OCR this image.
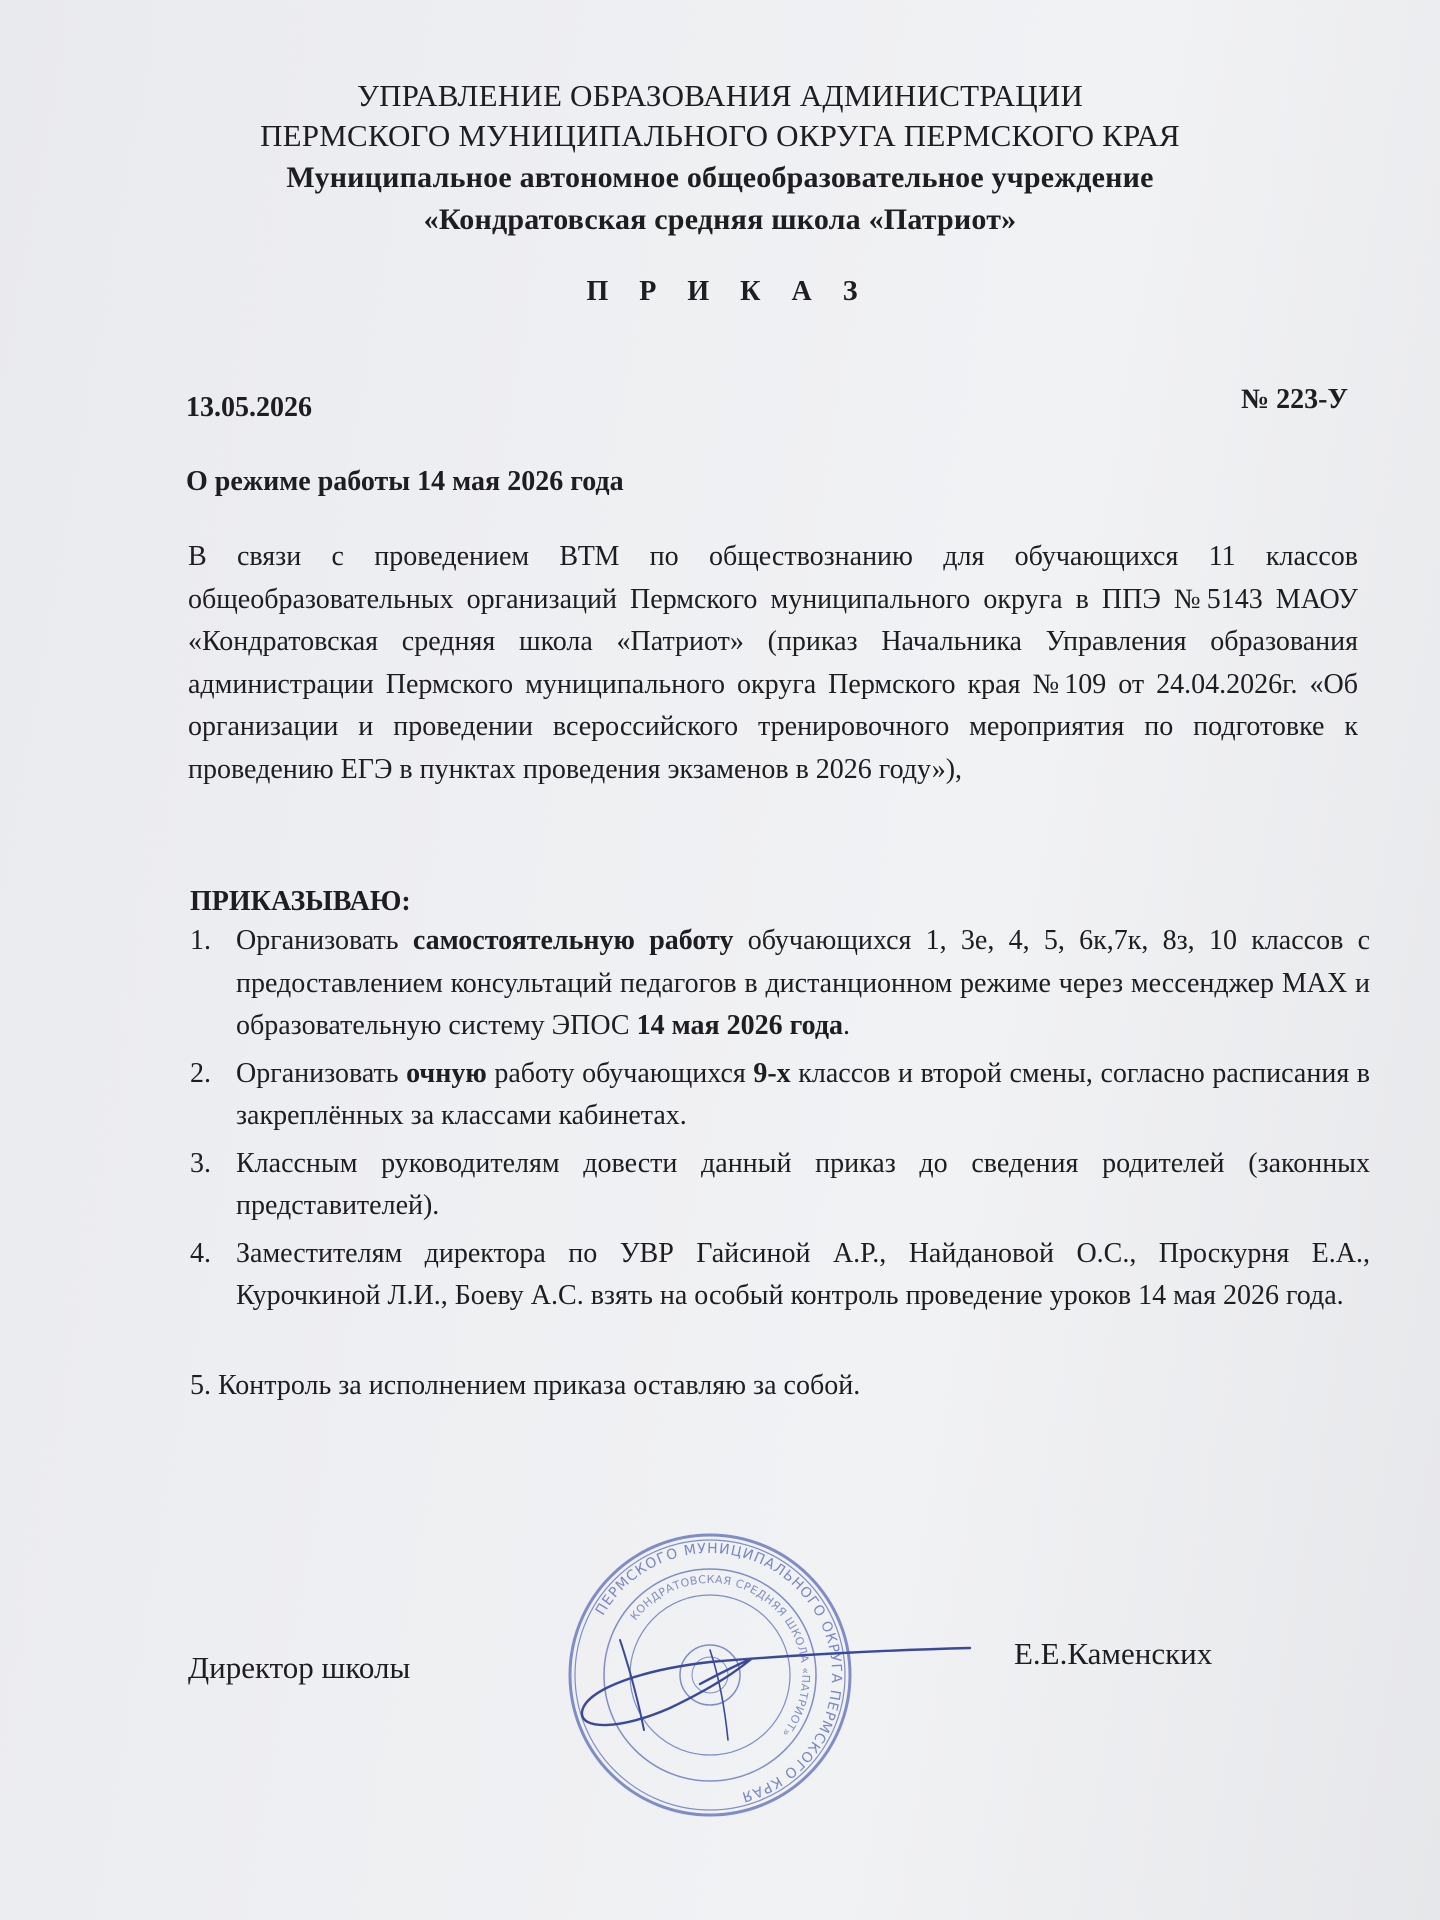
УПРАВЛЕНИЕ ОБРАЗОВАНИЯ АДМИНИСТРАЦИИ
ПЕРМСКОГО МУНИЦИПАЛЬНОГО ОКРУГА ПЕРМСКОГО КРАЯ
Муниципальное автономное общеобразовательное учреждение
«Кондратовская средняя школа «Патриот»
П Р И К А З
13.05.2026	№ 223-У
О режиме работы 14 мая 2026 года
В связи с проведением ВТМ по обществознанию для обучающихся 11 классов общеобразовательных организаций Пермского муниципального округа в ППЭ №5143 МАОУ «Кондратовская средняя школа «Патриот» (приказ Начальника Управления образования администрации Пермского муниципального округа Пермского края №109 от 24.04.2026г. «Об организации и проведении всероссийского тренировочного мероприятия по подготовке к проведению ЕГЭ в пунктах проведения экзаменов в 2026 году»),
ПРИКАЗЫВАЮ:
1. Организовать самостоятельную работу обучающихся 1, 3е, 4, 5, 6к,7к, 8з, 10 классов с предоставлением консультаций педагогов в дистанционном режиме через мессенджер МАХ и образовательную систему ЭПОС 14 мая 2026 года.
2. Организовать очную работу обучающихся 9-х классов и второй смены, согласно расписания в закреплённых за классами кабинетах.
3. Классным руководителям довести данный приказ до сведения родителей (законных представителей).
4. Заместителям директора по УВР Гайсиной А.Р., Найдановой О.С., Проскурня Е.А., Курочкиной Л.И., Боеву А.С. взять на особый контроль проведение уроков 14 мая 2026 года.
5. Контроль за исполнением приказа оставляю за собой.
Директор школы	Е.Е.Каменских
ПЕРМСКОГО МУНИЦИПАЛЬНОГО ОКРУГА ПЕРМСКОГО КРАЯ
КОНДРАТОВСКАЯ СРЕДНЯЯ ШКОЛА «ПАТРИОТ»
